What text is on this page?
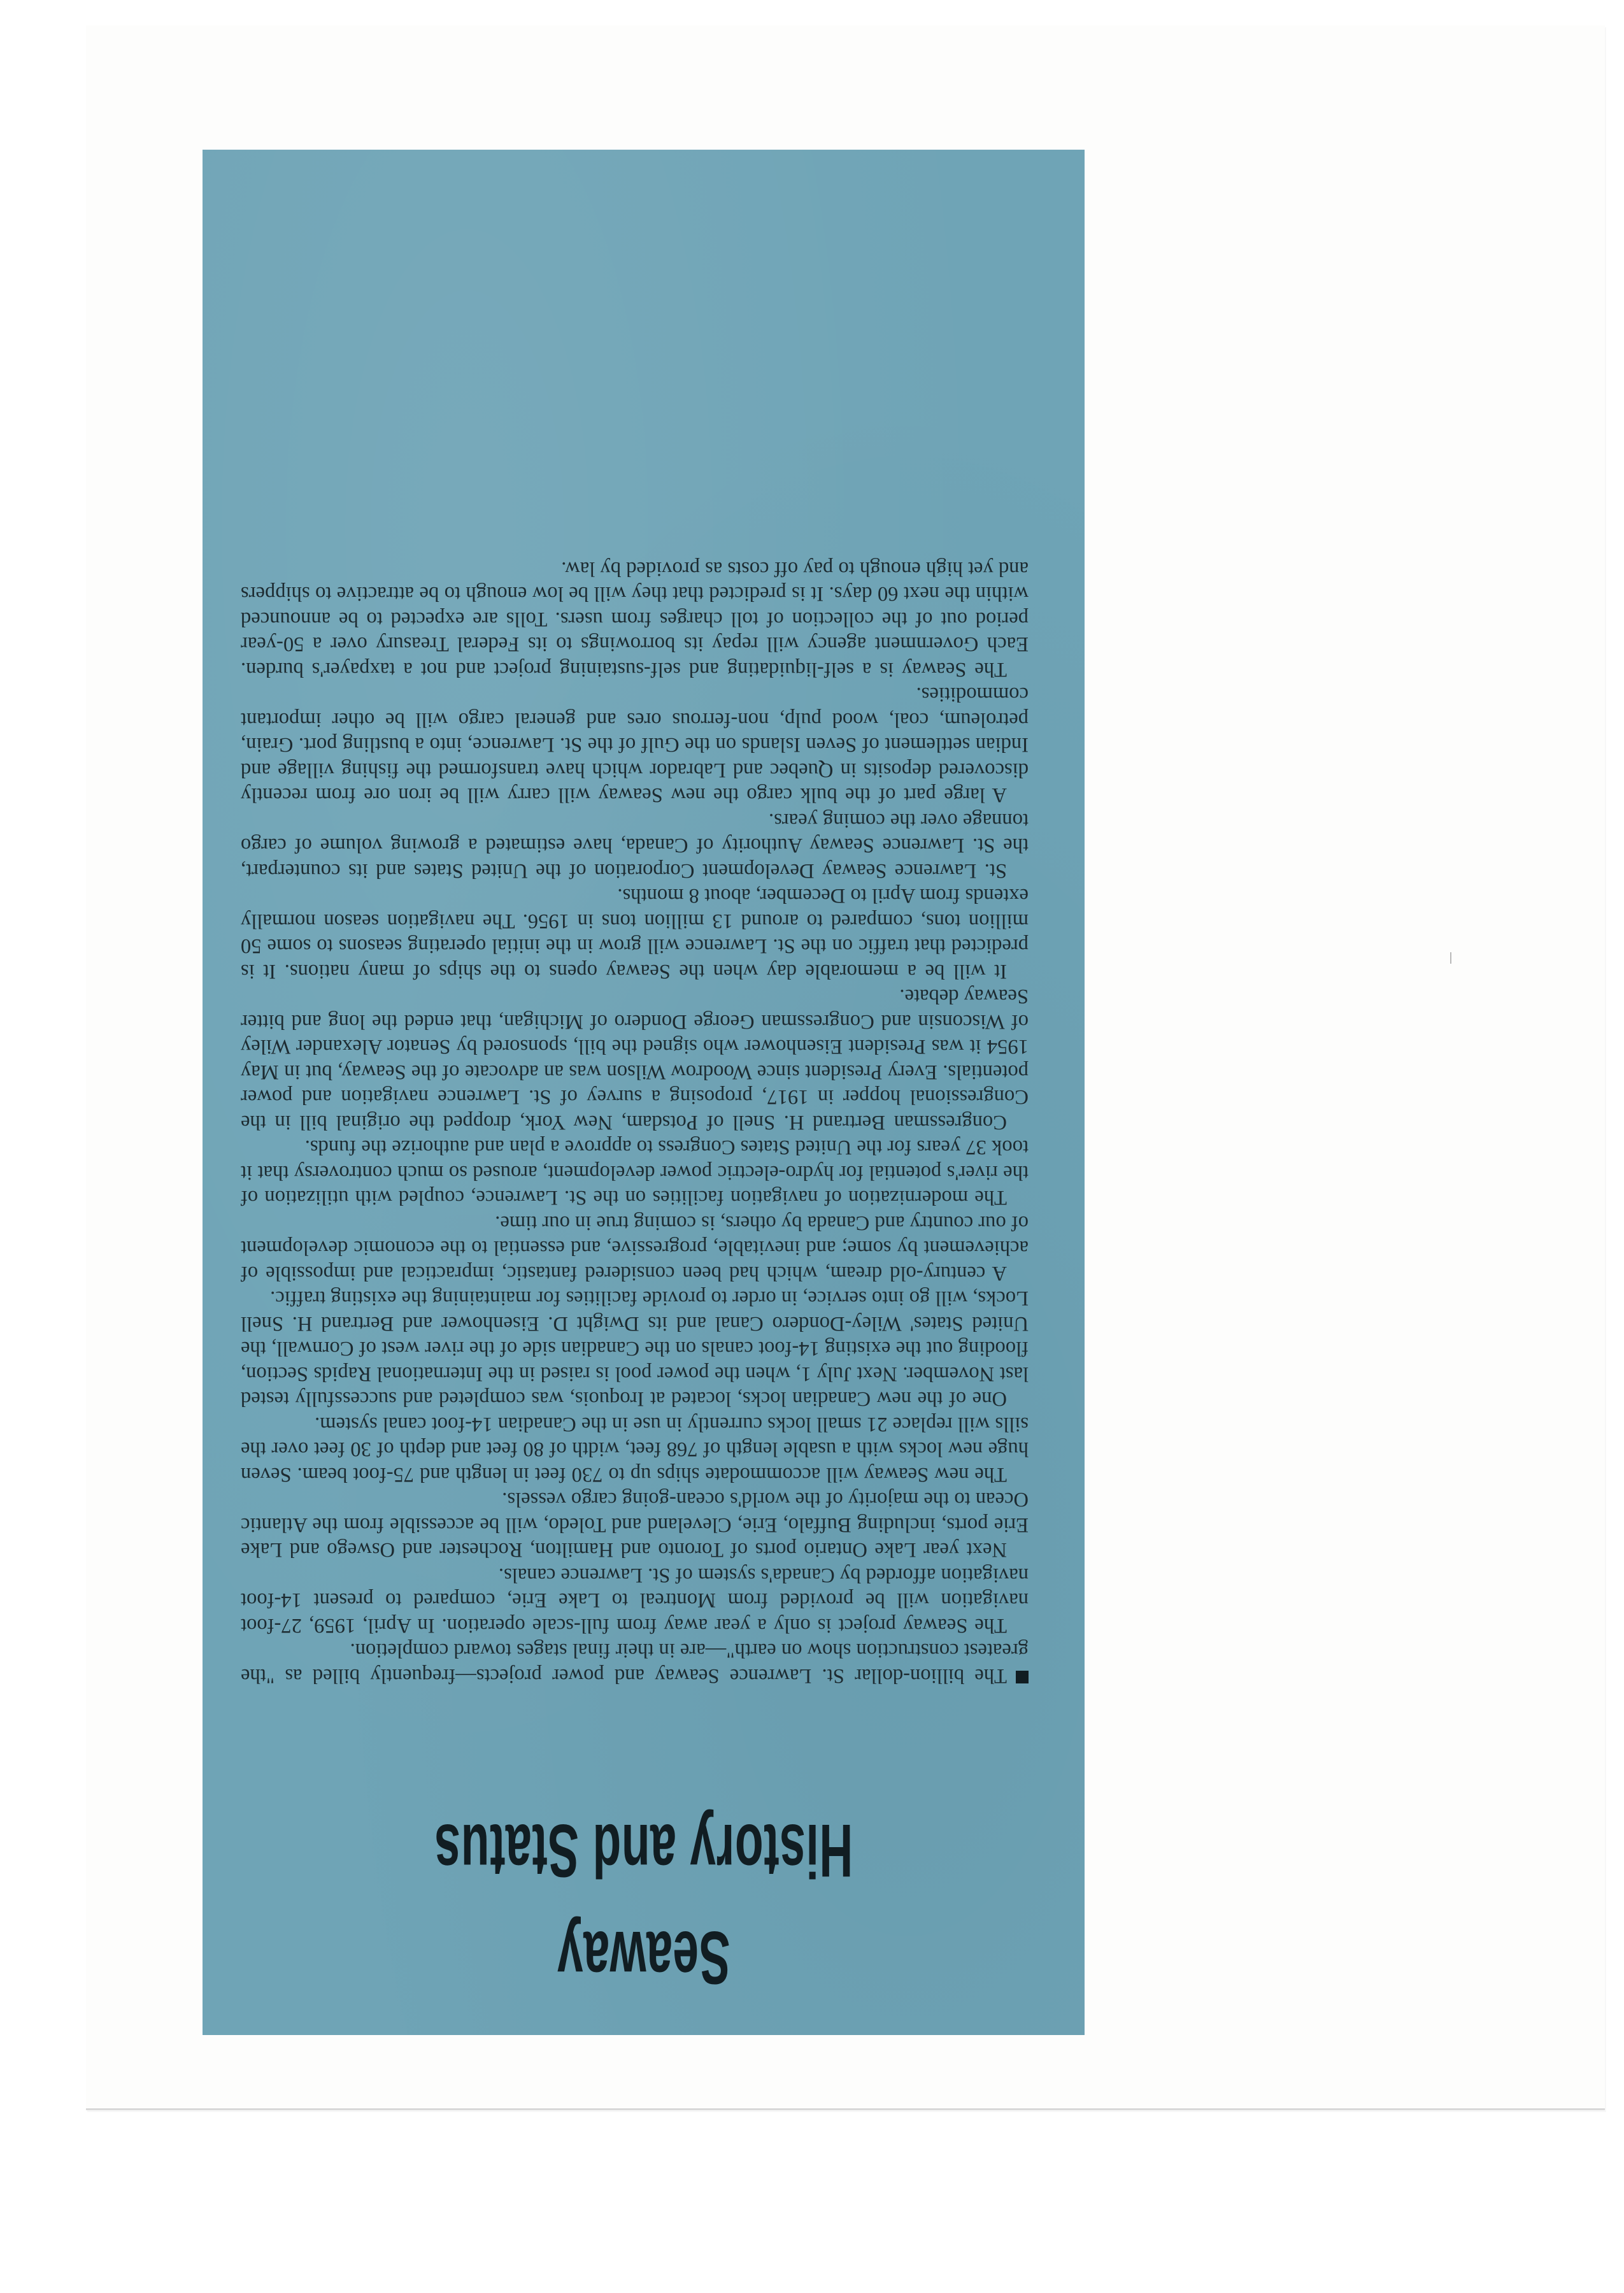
Seaway
History and Status

The billion-dollar St. Lawrence Seaway and power projects—frequently billed as "the greatest construction show on earth"—are in their final stages toward completion.

The Seaway project is only a year away from full-scale operation. In April, 1959, 27-foot navigation will be provided from Montreal to Lake Erie, compared to present 14-foot navigation afforded by Canada's system of St. Lawrence canals.

Next year Lake Ontario ports of Toronto and Hamilton, Rochester and Oswego and Lake Erie ports, including Buffalo, Erie, Cleveland and Toledo, will be accessible from the Atlantic Ocean to the majority of the world's ocean-going cargo vessels.

The new Seaway will accommodate ships up to 730 feet in length and 75-foot beam. Seven huge new locks with a usable length of 768 feet, width of 80 feet and depth of 30 feet over the sills will replace 21 small locks currently in use in the Canadian 14-foot canal system.

One of the new Canadian locks, located at Iroquois, was completed and successfully tested last November. Next July 1, when the power pool is raised in the International Rapids Section, flooding out the existing 14-foot canals on the Canadian side of the river west of Cornwall, the United States' Wiley-Dondero Canal and its Dwight D. Eisenhower and Bertrand H. Snell Locks, will go into service, in order to provide facilities for maintaining the existing traffic.

A century-old dream, which had been considered fantastic, impractical and impossible of achievement by some; and inevitable, progressive, and essential to the economic development of our country and Canada by others, is coming true in our time.

The modernization of navigation facilities on the St. Lawrence, coupled with utilization of the river's potential for hydro-electric power development, aroused so much controversy that it took 37 years for the United States Congress to approve a plan and authorize the funds.

Congressman Bertrand H. Snell of Potsdam, New York, dropped the original bill in the Congressional hopper in 1917, proposing a survey of St. Lawrence navigation and power potentials. Every President since Woodrow Wilson was an advocate of the Seaway, but in May 1954 it was President Eisenhower who signed the bill, sponsored by Senator Alexander Wiley of Wisconsin and Congressman George Dondero of Michigan, that ended the long and bitter Seaway debate.

It will be a memorable day when the Seaway opens to the ships of many nations. It is predicted that traffic on the St. Lawrence will grow in the initial operating seasons to some 50 million tons, compared to around 13 million tons in 1956. The navigation season normally extends from April to December, about 8 months.

St. Lawrence Seaway Development Corporation of the United States and its counterpart, the St. Lawrence Seaway Authority of Canada, have estimated a growing volume of cargo tonnage over the coming years.

A large part of the bulk cargo the new Seaway will carry will be iron ore from recently discovered deposits in Quebec and Labrador which have transformed the fishing village and Indian settlement of Seven Islands on the Gulf of the St. Lawrence, into a bustling port. Grain, petroleum, coal, wood pulp, non-ferrous ores and general cargo will be other important commodities.

The Seaway is a self-liquidating and self-sustaining project and not a taxpayer's burden. Each Government agency will repay its borrowings to its Federal Treasury over a 50-year period out of the collection of toll charges from users. Tolls are expected to be announced within the next 60 days. It is predicted that they will be low enough to be attractive to shippers and yet high enough to pay off costs as provided by law.
